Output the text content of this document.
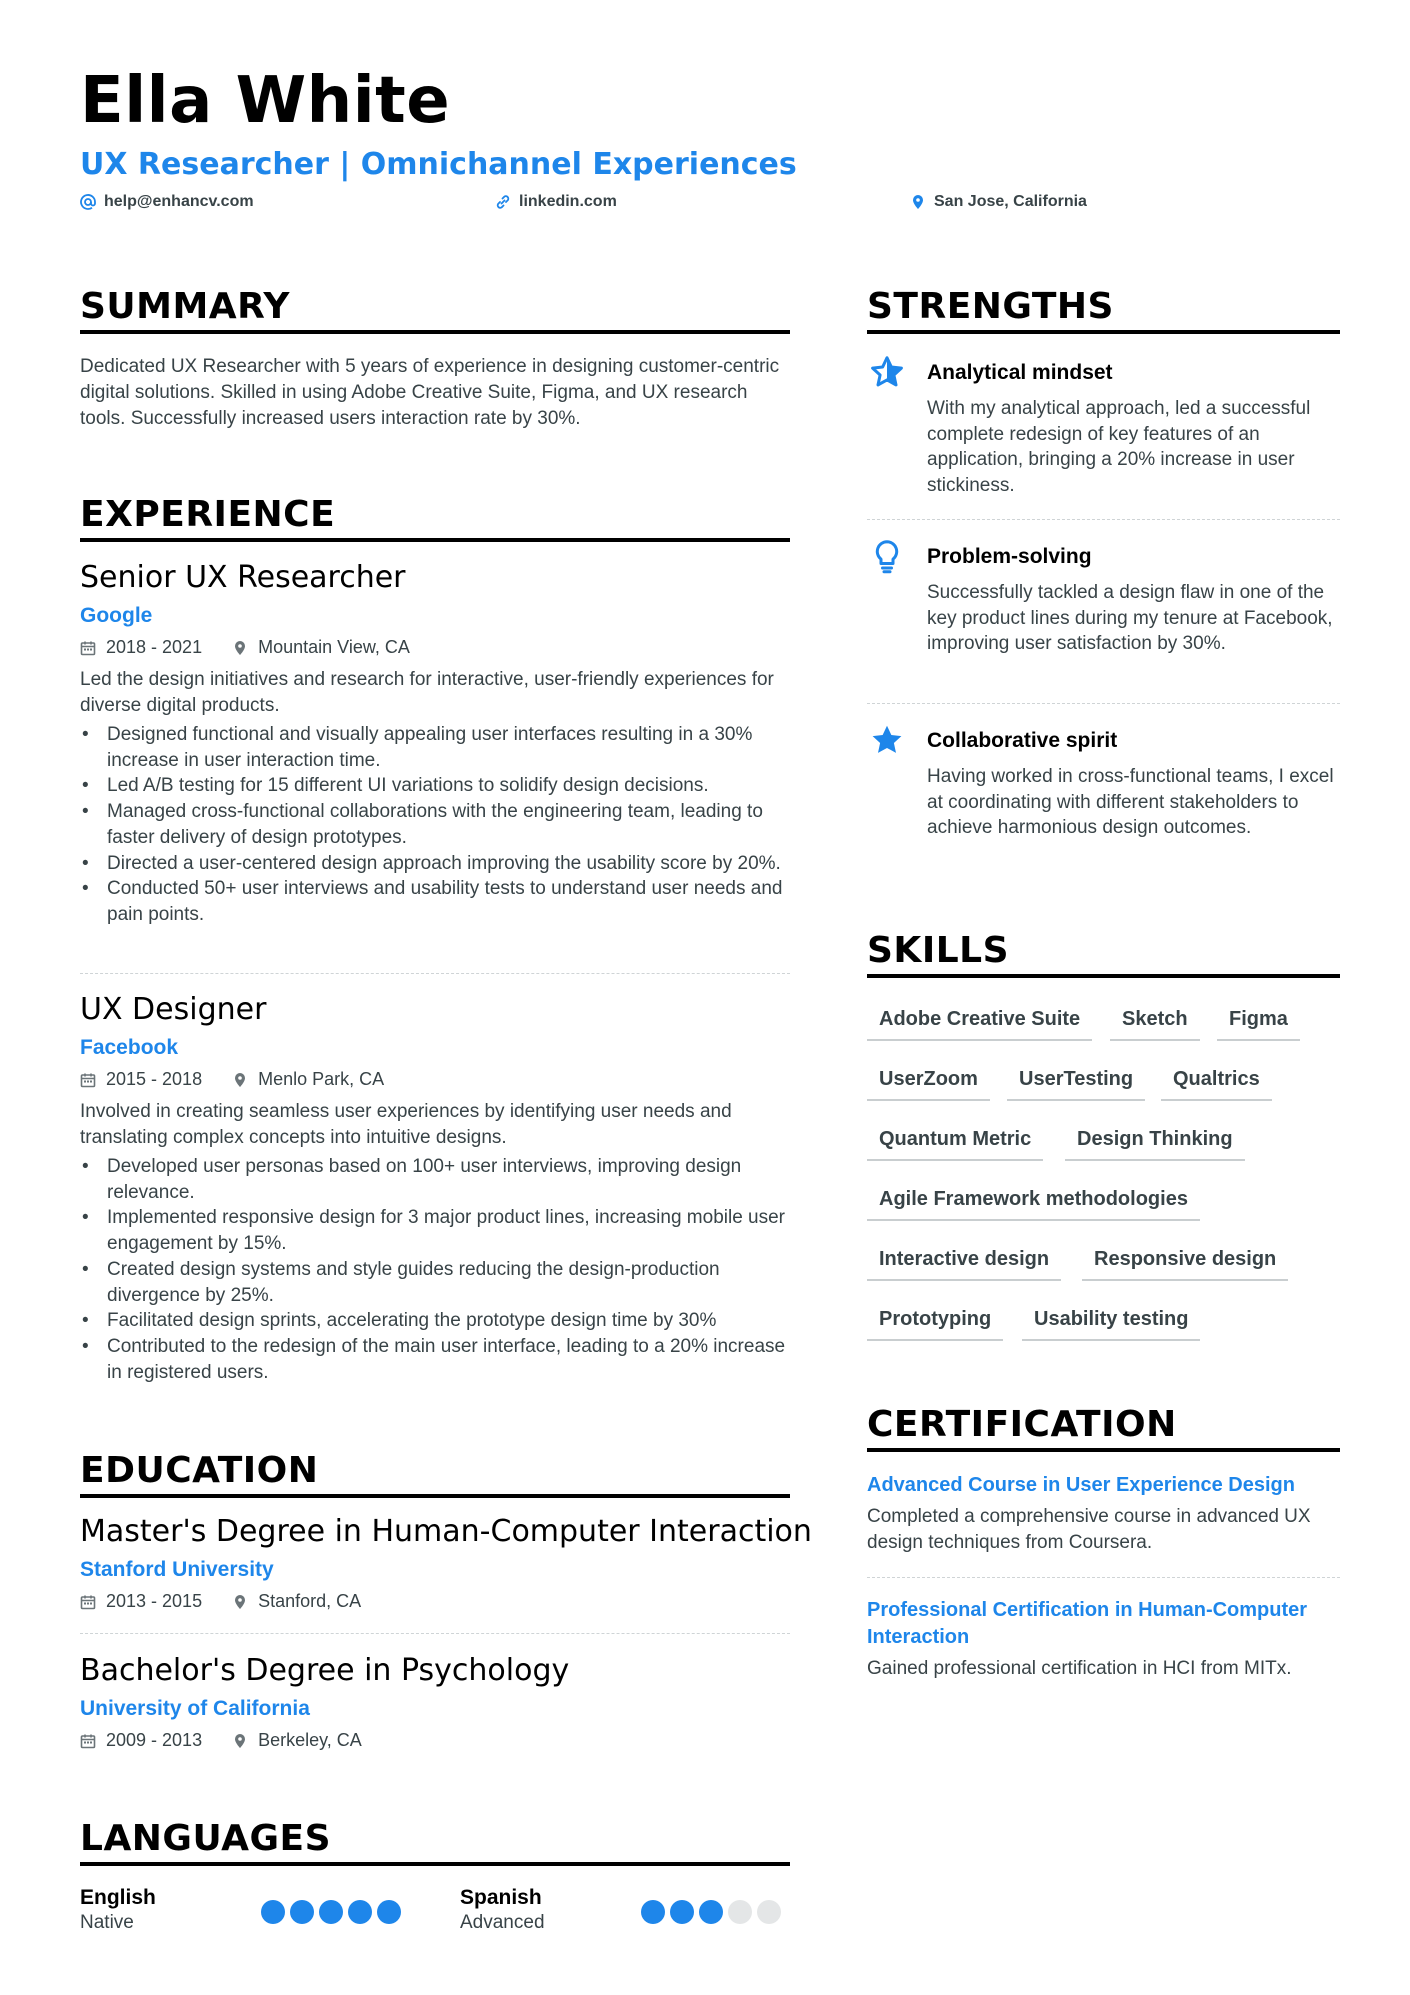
Ella White
UX Researcher | Omnichannel Experiences
help@enhancv.com	linkedin.com	San Jose, California
SUMMARY
Dedicated UX Researcher with 5 years of experience in designing customer-centric digital solutions. Skilled in using Adobe Creative Suite, Figma, and UX research tools. Successfully increased users interaction rate by 30%.
EXPERIENCE
Senior UX Researcher
Google
2018 - 2021	Mountain View, CA
Led the design initiatives and research for interactive, user-friendly experiences for diverse digital products.
• Designed functional and visually appealing user interfaces resulting in a 30% increase in user interaction time.
• Led A/B testing for 15 different UI variations to solidify design decisions.
• Managed cross-functional collaborations with the engineering team, leading to faster delivery of design prototypes.
• Directed a user-centered design approach improving the usability score by 20%.
• Conducted 50+ user interviews and usability tests to understand user needs and pain points.
UX Designer
Facebook
2015 - 2018	Menlo Park, CA
Involved in creating seamless user experiences by identifying user needs and translating complex concepts into intuitive designs.
• Developed user personas based on 100+ user interviews, improving design relevance.
• Implemented responsive design for 3 major product lines, increasing mobile user engagement by 15%.
• Created design systems and style guides reducing the design-production divergence by 25%.
• Facilitated design sprints, accelerating the prototype design time by 30%
• Contributed to the redesign of the main user interface, leading to a 20% increase in registered users.
EDUCATION
Master's Degree in Human-Computer Interaction
Stanford University
2013 - 2015	Stanford, CA
Bachelor's Degree in Psychology
University of California
2009 - 2013	Berkeley, CA
LANGUAGES
English
Native
Spanish
Advanced
STRENGTHS
Analytical mindset
With my analytical approach, led a successful complete redesign of key features of an application, bringing a 20% increase in user stickiness.
Problem-solving
Successfully tackled a design flaw in one of the key product lines during my tenure at Facebook, improving user satisfaction by 30%.
Collaborative spirit
Having worked in cross-functional teams, I excel at coordinating with different stakeholders to achieve harmonious design outcomes.
SKILLS
Adobe Creative Suite	Sketch	Figma
UserZoom	UserTesting	Qualtrics
Quantum Metric	Design Thinking
Agile Framework methodologies
Interactive design	Responsive design
Prototyping	Usability testing
CERTIFICATION
Advanced Course in User Experience Design
Completed a comprehensive course in advanced UX design techniques from Coursera.
Professional Certification in Human-Computer Interaction
Gained professional certification in HCI from MITx.
